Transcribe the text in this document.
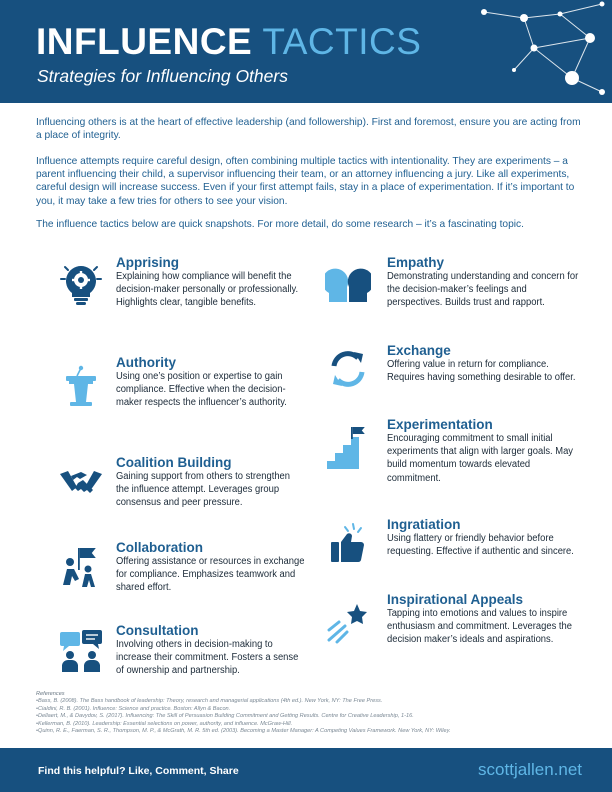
INFLUENCE TACTICS
Strategies for Influencing Others

Influencing others is at the heart of effective leadership (and followership). First and foremost, ensure you are acting from a place of integrity.

Influence attempts require careful design, often combining multiple tactics with intentionality. They are experiments – a parent influencing their child, a supervisor influencing their team, or an attorney influencing a jury. Like all experiments, careful design will increase success. Even if your first attempt fails, stay in a place of experimentation. If it’s important to you, it may take a few tries for others to see your vision.

The influence tactics below are quick snapshots. For more detail, do some research – it’s a fascinating topic.

Apprising
Explaining how compliance will benefit the decision-maker personally or professionally. Highlights clear, tangible benefits.
Authority
Using one’s position or expertise to gain compliance. Effective when the decision-maker respects the influencer’s authority.
Coalition Building
Gaining support from others to strengthen the influence attempt. Leverages group consensus and peer pressure.
Collaboration
Offering assistance or resources in exchange for compliance. Emphasizes teamwork and shared effort.
Consultation
Involving others in decision-making to increase their commitment. Fosters a sense of ownership and partnership.
Empathy
Demonstrating understanding and concern for the decision-maker’s feelings and perspectives. Builds trust and rapport.
Exchange
Offering value in return for compliance. Requires having something desirable to offer.
Experimentation
Encouraging commitment to small initial experiments that align with larger goals. May build momentum towards elevated commitment.
Ingratiation
Using flattery or friendly behavior before requesting. Effective if authentic and sincere.
Inspirational Appeals
Tapping into emotions and values to inspire enthusiasm and commitment. Leverages the decision maker’s ideals and aspirations.
References
• Bass, B. (2008). The Bass handbook of leadership: Theory, research and managerial applications (4th ed.). New York, NY: The Free Press.
• Cialdini, R. B. (2001). Influence: Science and practice. Boston: Allyn & Bacon.
• Dellaert, M., & Davydov, S. (2017). Influencing: The Skill of Persuasion Building Commitment and Getting Results. Centre for Creative Leadership, 1-16.
• Kellerman, B. (2010). Leadership: Essential selections on power, authority, and influence. McGraw-Hill.
• Quinn, R. E., Faerman, S. R., Thompson, M. P., & McGrath, M. R. 5th ed. (2003). Becoming a Master Manager: A Competing Values Framework. New York, NY: Wiley.
Find this helpful? Like, Comment, Share	scottjallen.net
